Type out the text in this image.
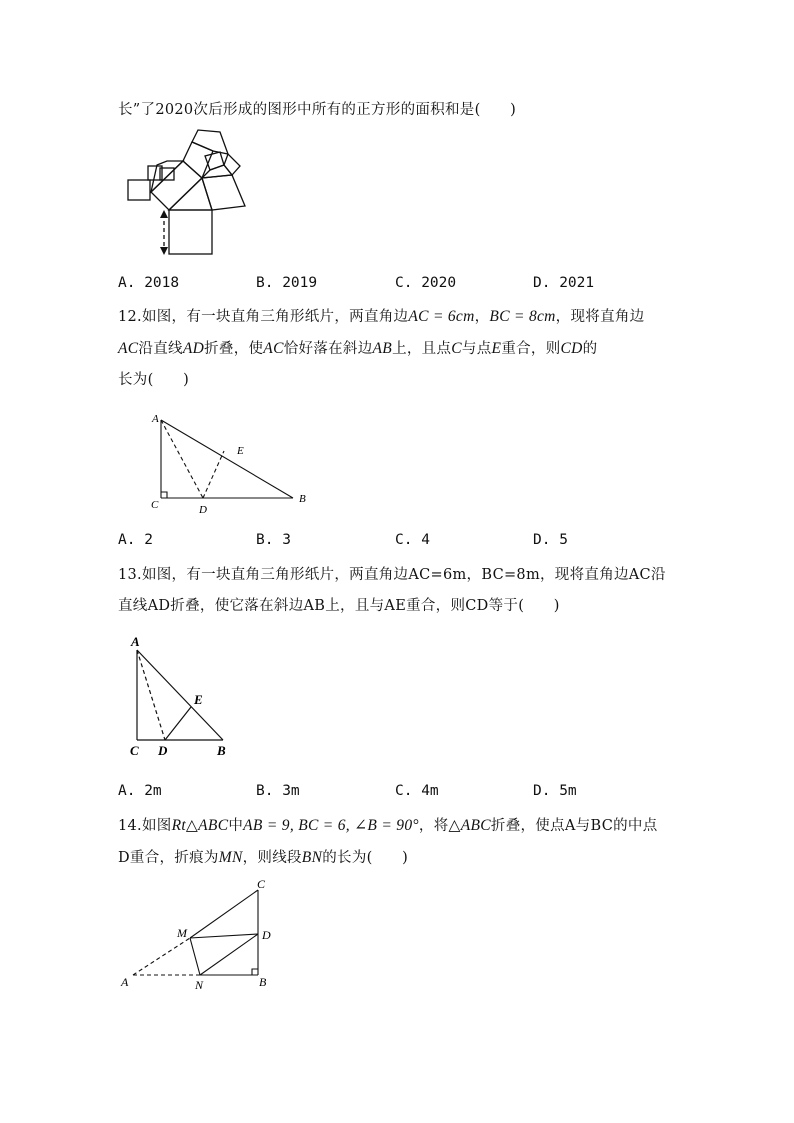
长”了2020次后形成的图形中所有的正方形的面积和是(　　)
A. 2018	B. 2019	C. 2020	D. 2021
12.如图，有一块直角三角形纸片，两直角边AC = 6cm，BC = 8cm，现将直角边
AC沿直线AD折叠，使AC恰好落在斜边AB上，且点C与点E重合，则CD的
长为(　　)
A
C	D
E
B
A. 2	B. 3	C. 4	D. 5
13.如图，有一块直角三角形纸片，两直角边AC=6m，BC=8m，现将直角边AC沿
直线AD折叠，使它落在斜边AB上，且与AE重合，则CD等于(　　)
A
C D
E
B
A. 2m	B. 3m	C. 4m	D. 5m
14.如图Rt△ABC中AB = 9, BC = 6, ∠B = 90°，将△ABC折叠，使点A与BC的中点
D重合，折痕为MN，则线段BN的长为(　　)
C
M	D
A	N	B
